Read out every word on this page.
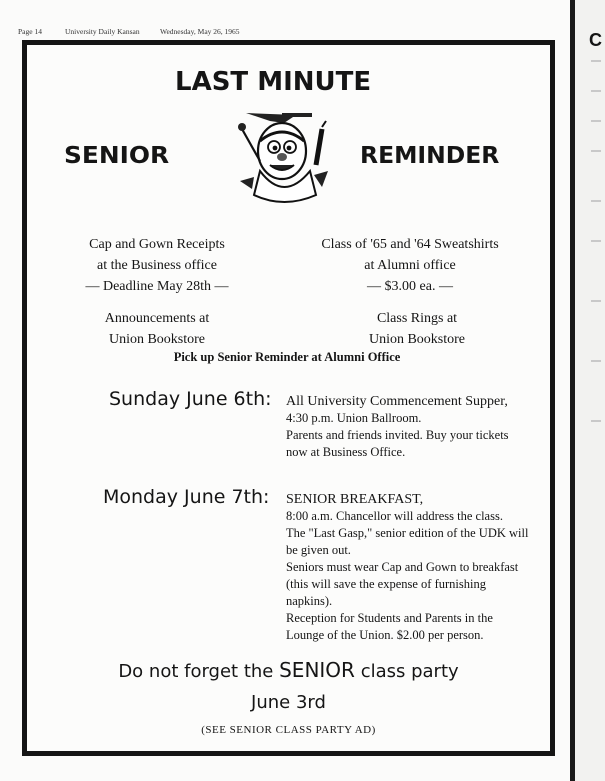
C
Page 14	University Daily Kansan	Wednesday, May 26, 1965
LAST MINUTE
SENIOR	REMINDER
Cap and Gown Receipts
at the Business office
— Deadline May 28th —
Class of '65 and '64 Sweatshirts
at Alumni office
— $3.00 ea. —
Announcements at
Union Bookstore
Class Rings at
Union Bookstore
Pick up Senior Reminder at Alumni Office
Sunday June 6th: All University Commencement Supper,
4:30 p.m. Union Ballroom.
Parents and friends invited. Buy your tickets
now at Business Office.
Monday June 7th: SENIOR BREAKFAST,
8:00 a.m. Chancellor will address the class.
The "Last Gasp," senior edition of the UDK will
be given out.
Seniors must wear Cap and Gown to breakfast
(this will save the expense of furnishing
napkins).
Reception for Students and Parents in the
Lounge of the Union. $2.00 per person.
Do not forget the SENIOR class party
June 3rd
(SEE SENIOR CLASS PARTY AD)
